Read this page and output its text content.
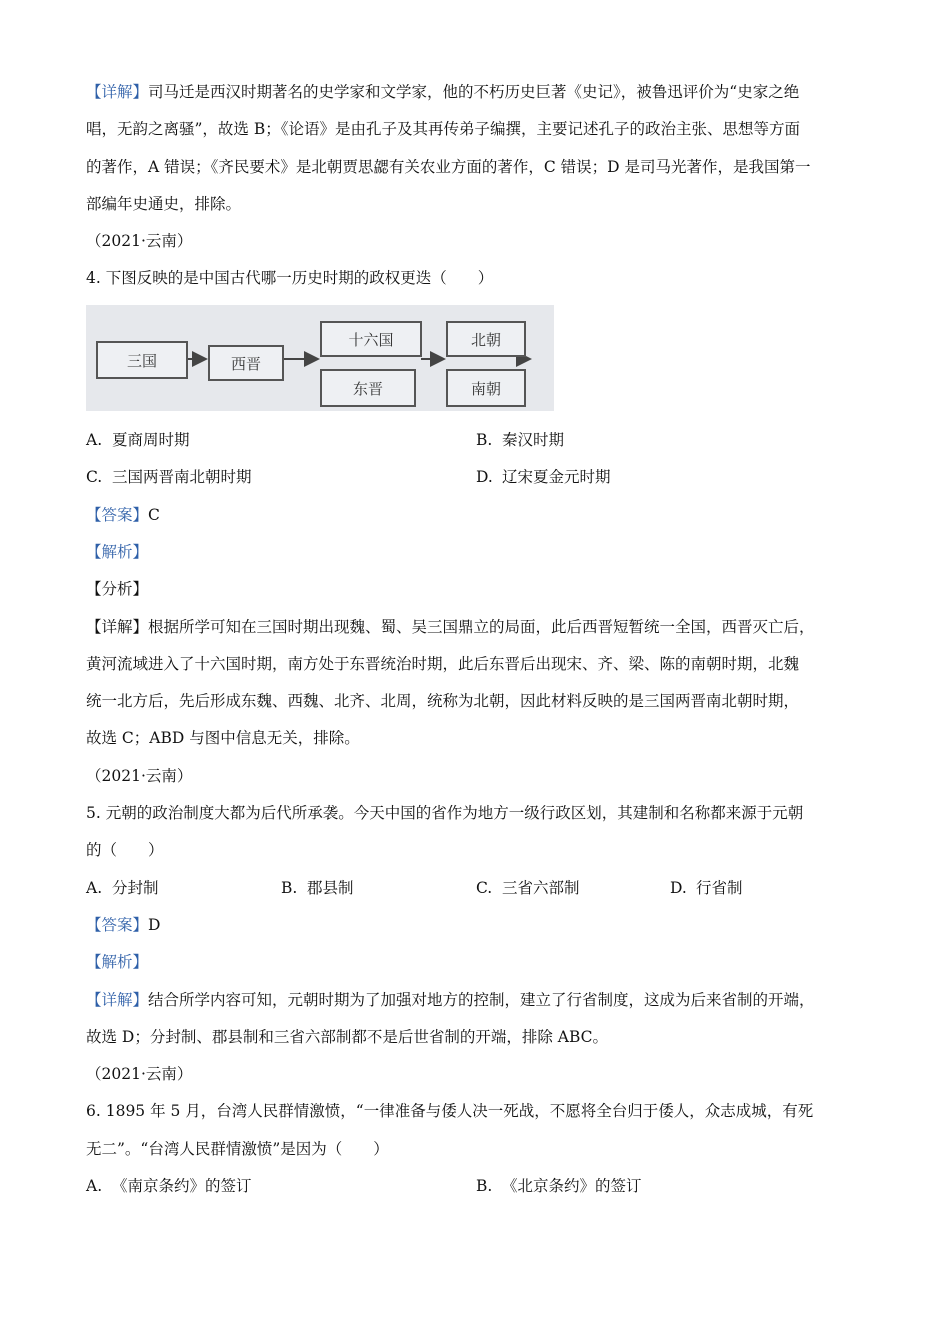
【详解】司马迁是西汉时期著名的史学家和文学家，他的不朽历史巨著《史记》，被鲁迅评价为“史家之绝
唱，无韵之离骚”，故选 B；《论语》是由孔子及其再传弟子编撰，主要记述孔子的政治主张、思想等方面
的著作，A 错误；《齐民要术》是北朝贾思勰有关农业方面的著作，C 错误；D 是司马光著作，是我国第一
部编年史通史，排除。
（2021·云南）
4. 下图反映的是中国古代哪一历史时期的政权更迭（　　）
三国	西晋
十六国
东晋
北朝
南朝
A. 夏商周时期	B. 秦汉时期
C. 三国两晋南北朝时期	D. 辽宋夏金元时期
【答案】C
【解析】
【分析】
【详解】根据所学可知在三国时期出现魏、蜀、吴三国鼎立的局面，此后西晋短暂统一全国，西晋灭亡后，
黄河流域进入了十六国时期，南方处于东晋统治时期，此后东晋后出现宋、齐、梁、陈的南朝时期，北魏
统一北方后，先后形成东魏、西魏、北齐、北周，统称为北朝，因此材料反映的是三国两晋南北朝时期，
故选 C；ABD 与图中信息无关，排除。
（2021·云南）
5. 元朝的政治制度大都为后代所承袭。今天中国的省作为地方一级行政区划，其建制和名称都来源于元朝
的（　　）
A. 分封制	B. 郡县制	C. 三省六部制	D. 行省制
【答案】D
【解析】
【详解】结合所学内容可知，元朝时期为了加强对地方的控制，建立了行省制度，这成为后来省制的开端，
故选 D；分封制、郡县制和三省六部制都不是后世省制的开端，排除 ABC。
（2021·云南）
6. 1895 年 5 月，台湾人民群情激愤，“一律准备与倭人决一死战，不愿将全台归于倭人，众志成城，有死
无二”。“台湾人民群情激愤”是因为（　　）
A. 《南京条约》的签订	B. 《北京条约》的签订
